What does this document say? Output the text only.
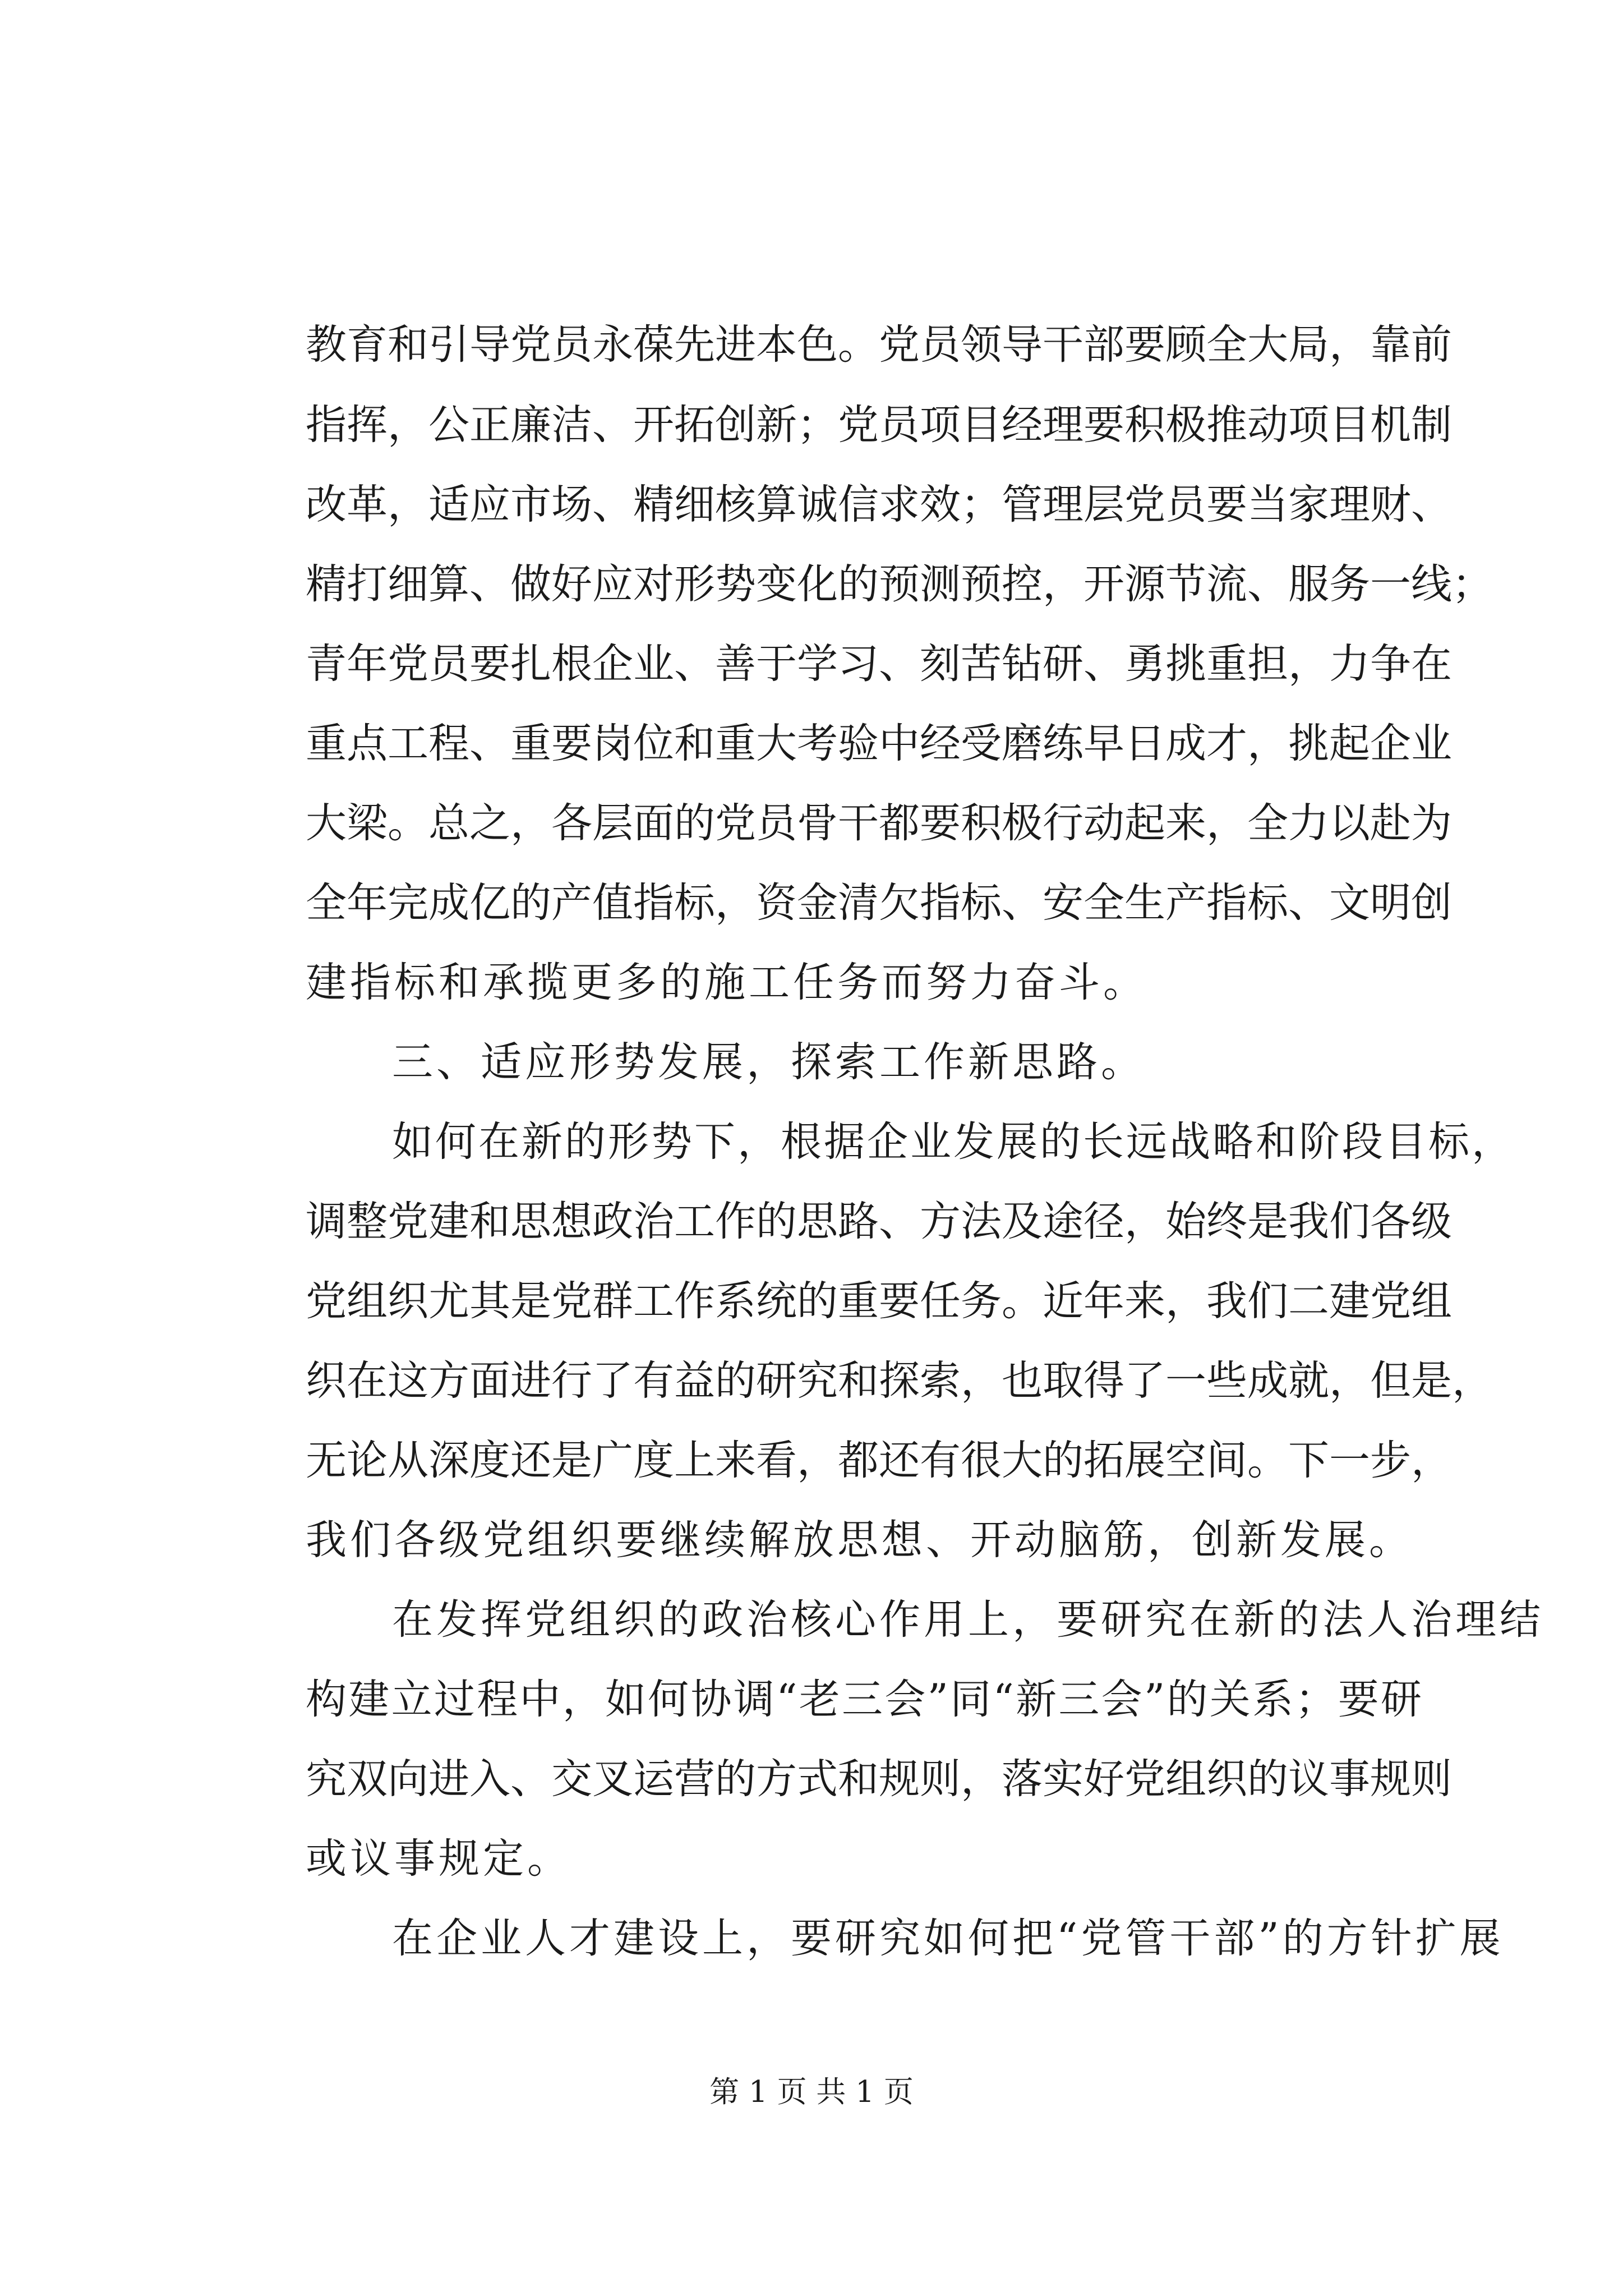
教育和引导党员永葆先进本色。党员领导干部要顾全大局，靠前
指挥，公正廉洁、开拓创新；党员项目经理要积极推动项目机制
改革，适应市场、精细核算诚信求效；管理层党员要当家理财、
精打细算、做好应对形势变化的预测预控，开源节流、服务一线；
青年党员要扎根企业、善于学习、刻苦钻研、勇挑重担，力争在
重点工程、重要岗位和重大考验中经受磨练早日成才，挑起企业
大梁。总之，各层面的党员骨干都要积极行动起来，全力以赴为
全年完成亿的产值指标，资金清欠指标、安全生产指标、文明创
建指标和承揽更多的施工任务而努力奋斗。
三、适应形势发展，探索工作新思路。
如何在新的形势下，根据企业发展的长远战略和阶段目标，
调整党建和思想政治工作的思路、方法及途径，始终是我们各级
党组织尤其是党群工作系统的重要任务。近年来，我们二建党组
织在这方面进行了有益的研究和探索，也取得了一些成就，但是，
无论从深度还是广度上来看，都还有很大的拓展空间。下一步，
我们各级党组织要继续解放思想、开动脑筋，创新发展。
在发挥党组织的政治核心作用上，要研究在新的法人治理结
构建立过程中，如何协调“老三会”同“新三会”的关系；要研
究双向进入、交叉运营的方式和规则，落实好党组织的议事规则
或议事规定。
在企业人才建设上，要研究如何把“党管干部”的方针扩展
第 1 页 共 1 页
